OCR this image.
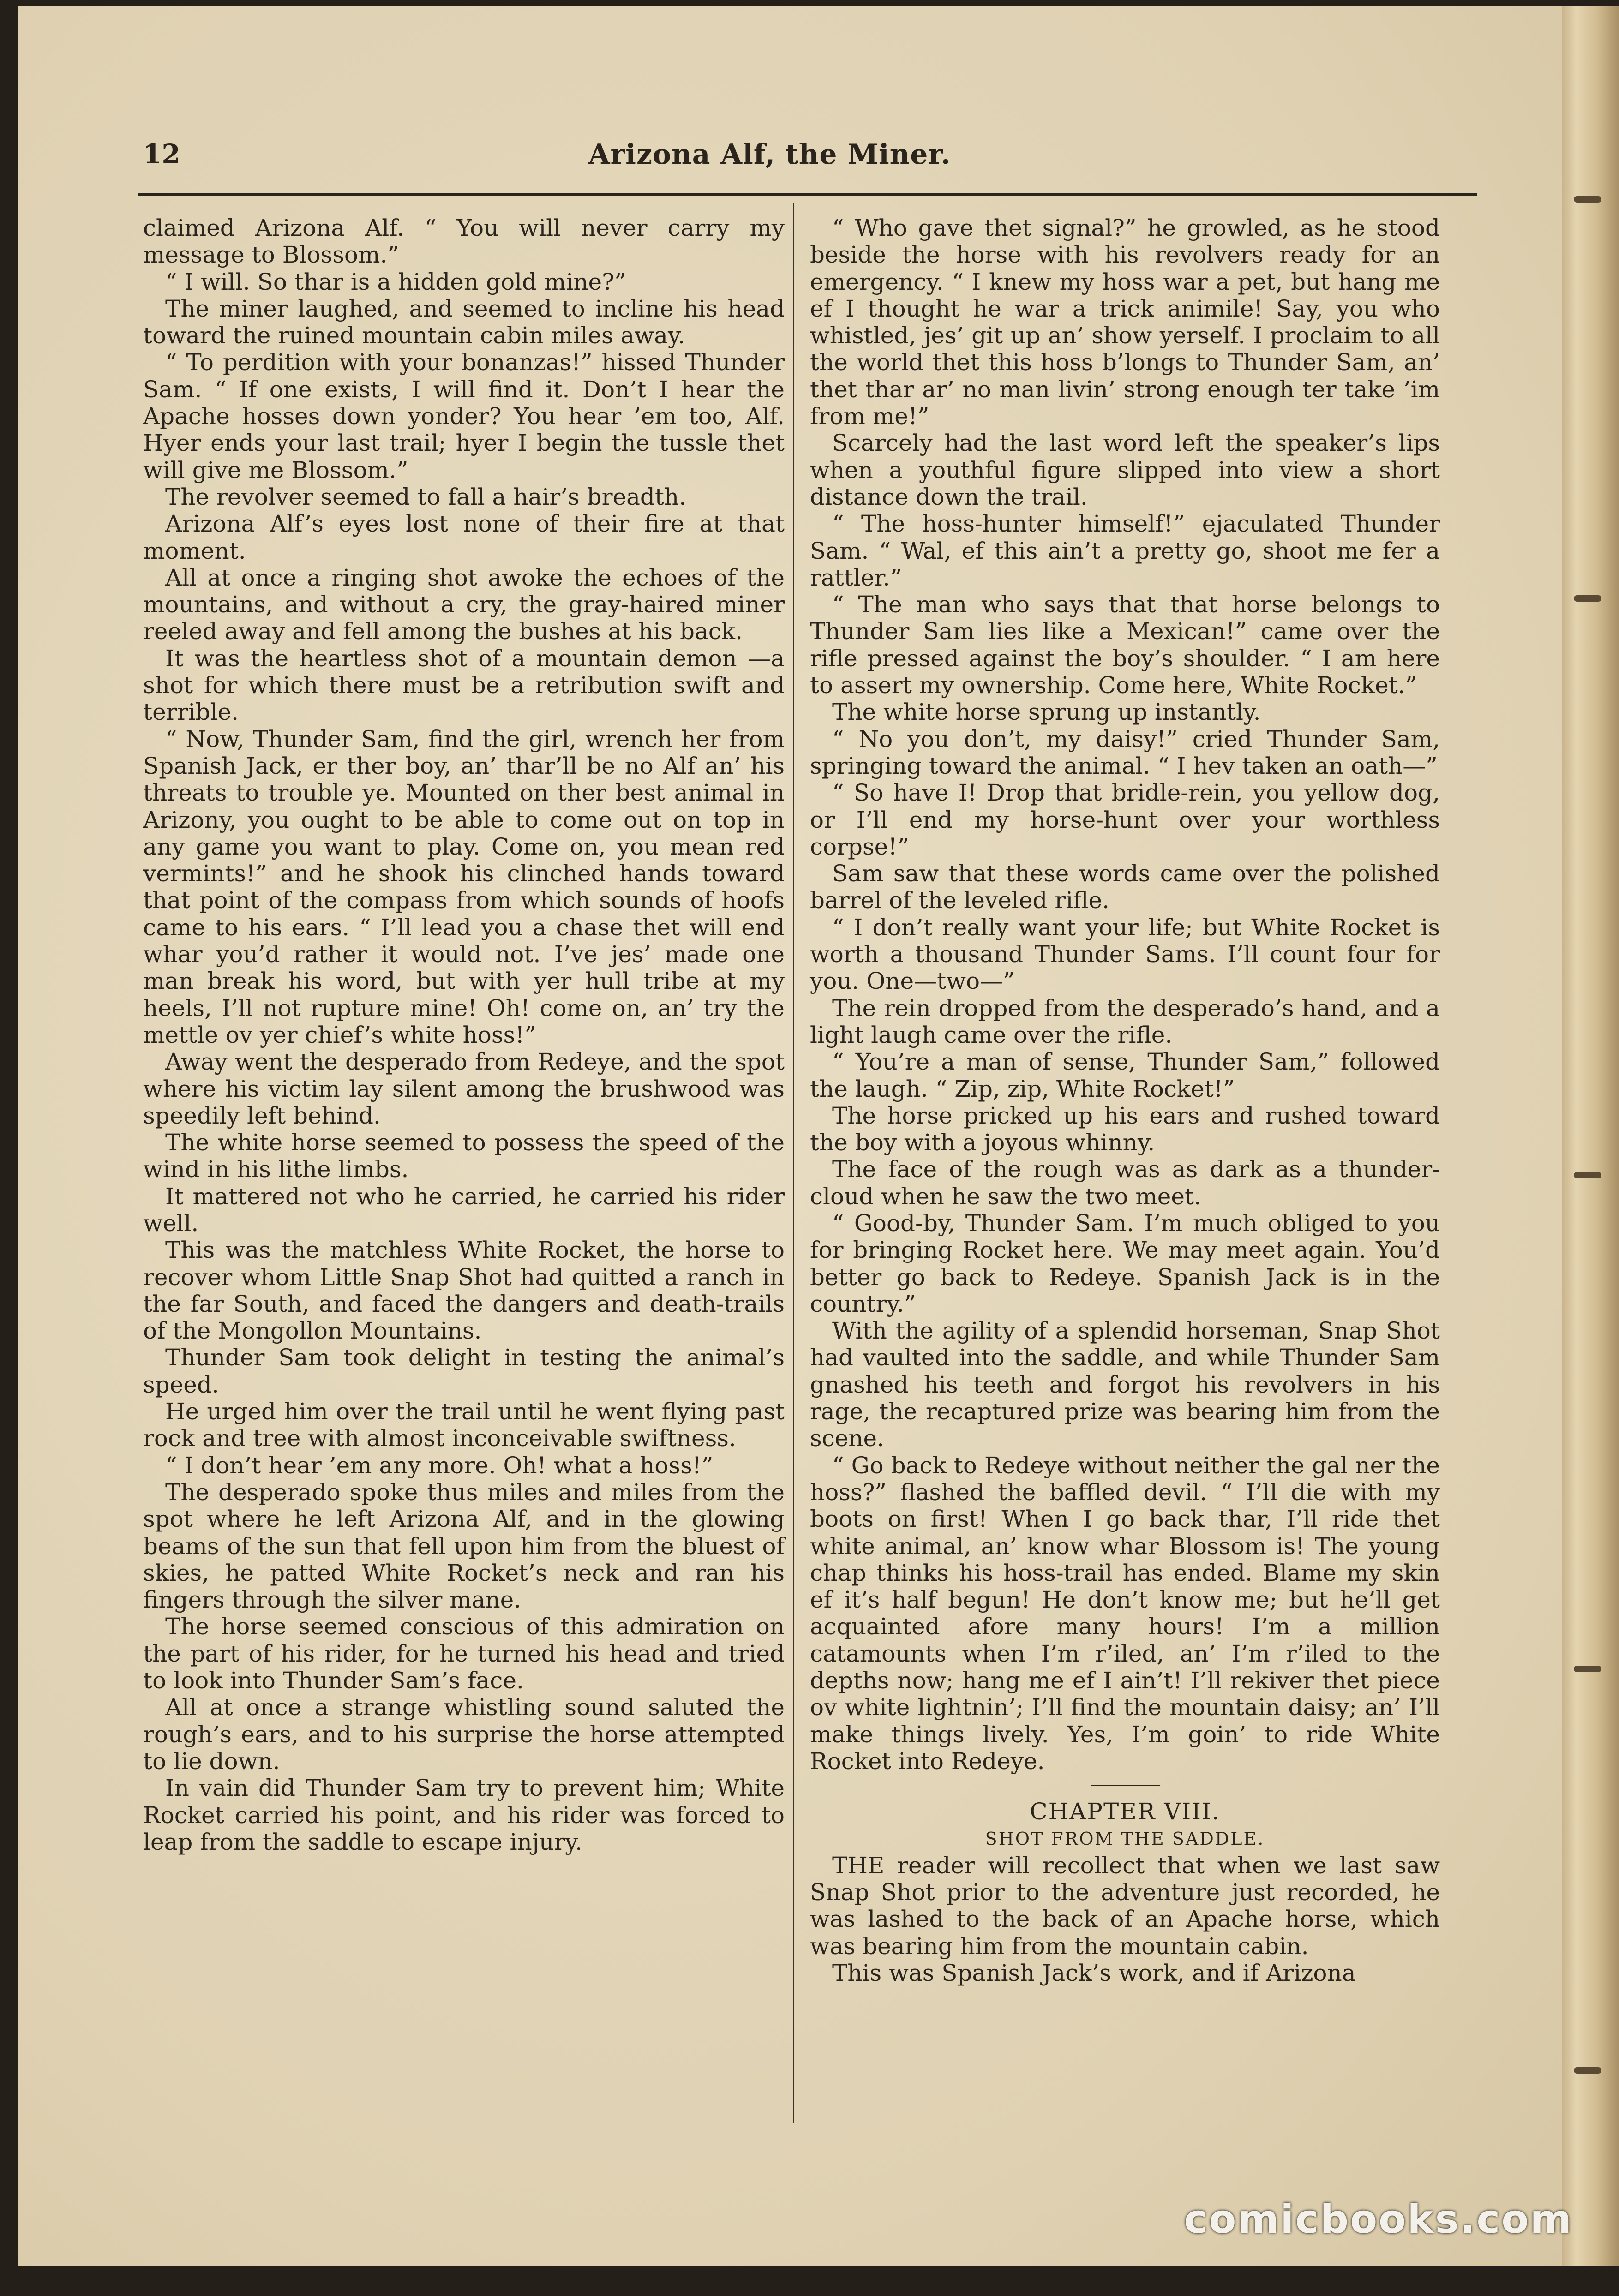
12	Arizona Alf, the Miner.

claimed Arizona Alf. “ You will never carry my message to Blossom.”

“ I will. So thar is a hidden gold mine?”

The miner laughed, and seemed to incline his head toward the ruined mountain cabin miles away.

“ To perdition with your bonanzas!” hissed Thunder Sam. “ If one exists, I will find it. Don’t I hear the Apache hosses down yonder? You hear ’em too, Alf. Hyer ends your last trail; hyer I begin the tussle thet will give me Blossom.”

The revolver seemed to fall a hair’s breadth.

Arizona Alf’s eyes lost none of their fire at that moment.

All at once a ringing shot awoke the echoes of the mountains, and without a cry, the gray-haired miner reeled away and fell among the bushes at his back.

It was the heartless shot of a mountain demon —a shot for which there must be a retribution swift and terrible.

“ Now, Thunder Sam, find the girl, wrench her from Spanish Jack, er ther boy, an’ thar’ll be no Alf an’ his threats to trouble ye. Mounted on ther best animal in Arizony, you ought to be able to come out on top in any game you want to play. Come on, you mean red vermints!” and he shook his clinched hands toward that point of the compass from which sounds of hoofs came to his ears. “ I’ll lead you a chase thet will end whar you’d rather it would not. I’ve jes’ made one man break his word, but with yer hull tribe at my heels, I’ll not rupture mine! Oh! come on, an’ try the mettle ov yer chief’s white hoss!”

Away went the desperado from Redeye, and the spot where his victim lay silent among the brushwood was speedily left behind.

The white horse seemed to possess the speed of the wind in his lithe limbs.

It mattered not who he carried, he carried his rider well.

This was the matchless White Rocket, the horse to recover whom Little Snap Shot had quitted a ranch in the far South, and faced the dangers and death-trails of the Mongollon Mountains.

Thunder Sam took delight in testing the animal’s speed.

He urged him over the trail until he went flying past rock and tree with almost inconceivable swiftness.

“ I don’t hear ’em any more. Oh! what a hoss!”

The desperado spoke thus miles and miles from the spot where he left Arizona Alf, and in the glowing beams of the sun that fell upon him from the bluest of skies, he patted White Rocket’s neck and ran his fingers through the silver mane.

The horse seemed conscious of this admiration on the part of his rider, for he turned his head and tried to look into Thunder Sam’s face.

All at once a strange whistling sound saluted the rough’s ears, and to his surprise the horse attempted to lie down.

In vain did Thunder Sam try to prevent him; White Rocket carried his point, and his rider was forced to leap from the saddle to escape injury.

“ Who gave thet signal?” he growled, as he stood beside the horse with his revolvers ready for an emergency. “ I knew my hoss war a pet, but hang me ef I thought he war a trick animile! Say, you who whistled, jes’ git up an’ show yerself. I proclaim to all the world thet this hoss b’longs to Thunder Sam, an’ thet thar ar’ no man livin’ strong enough ter take ’im from me!”

Scarcely had the last word left the speaker’s lips when a youthful figure slipped into view a short distance down the trail.

“ The hoss-hunter himself!” ejaculated Thunder Sam. “ Wal, ef this ain’t a pretty go, shoot me fer a rattler.”

“ The man who says that that horse belongs to Thunder Sam lies like a Mexican!” came over the rifle pressed against the boy’s shoulder. “ I am here to assert my ownership. Come here, White Rocket.”

The white horse sprung up instantly.

“ No you don’t, my daisy!” cried Thunder Sam, springing toward the animal. “ I hev taken an oath—”

“ So have I! Drop that bridle-rein, you yellow dog, or I’ll end my horse-hunt over your worthless corpse!”

Sam saw that these words came over the polished barrel of the leveled rifle.

“ I don’t really want your life; but White Rocket is worth a thousand Thunder Sams. I’ll count four for you. One—two—”

The rein dropped from the desperado’s hand, and a light laugh came over the rifle.

“ You’re a man of sense, Thunder Sam,” followed the laugh. “ Zip, zip, White Rocket!”

The horse pricked up his ears and rushed toward the boy with a joyous whinny.

The face of the rough was as dark as a thunder-cloud when he saw the two meet.

“ Good-by, Thunder Sam. I’m much obliged to you for bringing Rocket here. We may meet again. You’d better go back to Redeye. Spanish Jack is in the country.”

With the agility of a splendid horseman, Snap Shot had vaulted into the saddle, and while Thunder Sam gnashed his teeth and forgot his revolvers in his rage, the recaptured prize was bearing him from the scene.

“ Go back to Redeye without neither the gal ner the hoss?” flashed the baffled devil. “ I’ll die with my boots on first! When I go back thar, I’ll ride thet white animal, an’ know whar Blossom is! The young chap thinks his hoss-trail has ended. Blame my skin ef it’s half begun! He don’t know me; but he’ll get acquainted afore many hours! I’m a million catamounts when I’m r’iled, an’ I’m r’iled to the depths now; hang me ef I ain’t! I’ll rekiver thet piece ov white lightnin’; I’ll find the mountain daisy; an’ I’ll make things lively. Yes, I’m goin’ to ride White Rocket into Redeye.

CHAPTER VIII.

SHOT FROM THE SADDLE.

THE reader will recollect that when we last saw Snap Shot prior to the adventure just recorded, he was lashed to the back of an Apache horse, which was bearing him from the mountain cabin.

This was Spanish Jack’s work, and if Arizona

comicbooks.com
